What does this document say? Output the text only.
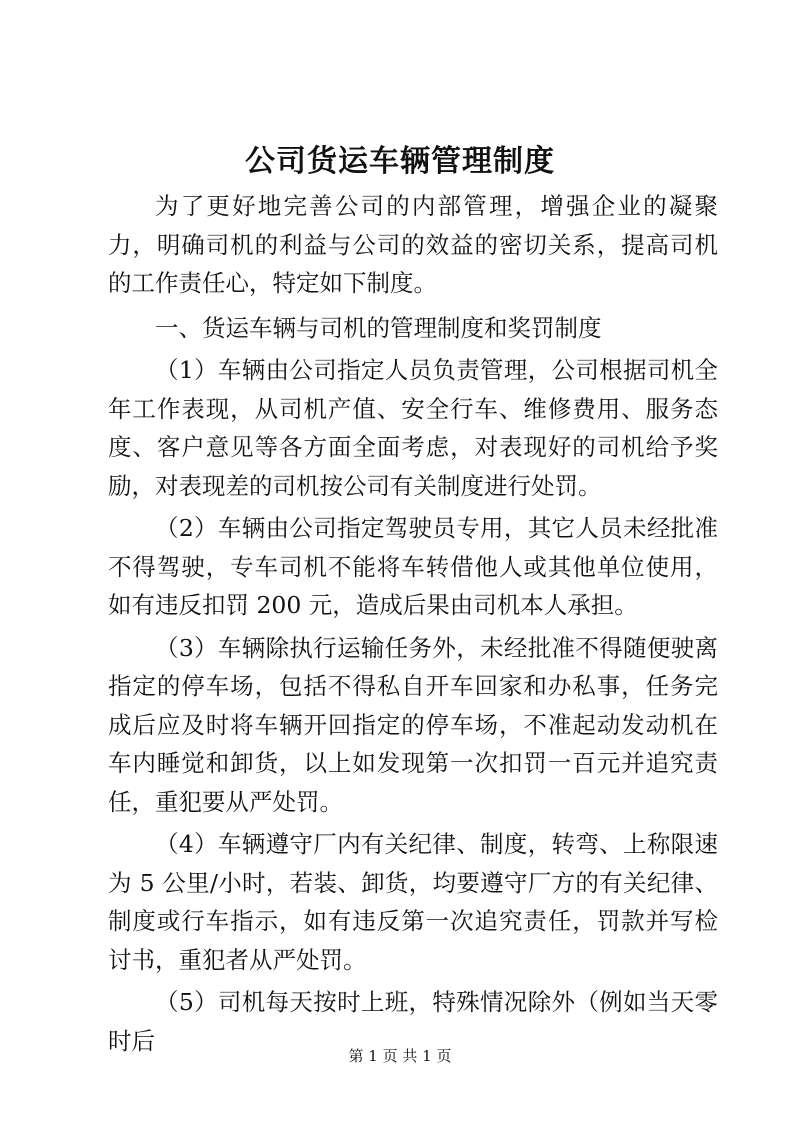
公司货运车辆管理制度

为了更好地完善公司的内部管理，增强企业的凝聚力，明确司机的利益与公司的效益的密切关系，提高司机的工作责任心，特定如下制度。

一、货运车辆与司机的管理制度和奖罚制度

（1）车辆由公司指定人员负责管理，公司根据司机全年工作表现，从司机产值、安全行车、维修费用、服务态度、客户意见等各方面全面考虑，对表现好的司机给予奖励，对表现差的司机按公司有关制度进行处罚。

（2）车辆由公司指定驾驶员专用，其它人员未经批准不得驾驶，专车司机不能将车转借他人或其他单位使用，如有违反扣罚 200 元，造成后果由司机本人承担。

（3）车辆除执行运输任务外，未经批准不得随便驶离指定的停车场，包括不得私自开车回家和办私事，任务完成后应及时将车辆开回指定的停车场，不准起动发动机在车内睡觉和卸货，以上如发现第一次扣罚一百元并追究责任，重犯要从严处罚。

（4）车辆遵守厂内有关纪律、制度，转弯、上称限速为 5 公里/小时，若装、卸货，均要遵守厂方的有关纪律、制度或行车指示，如有违反第一次追究责任，罚款并写检讨书，重犯者从严处罚。

（5）司机每天按时上班，特殊情况除外（例如当天零时后

第 1 页 共 1 页
